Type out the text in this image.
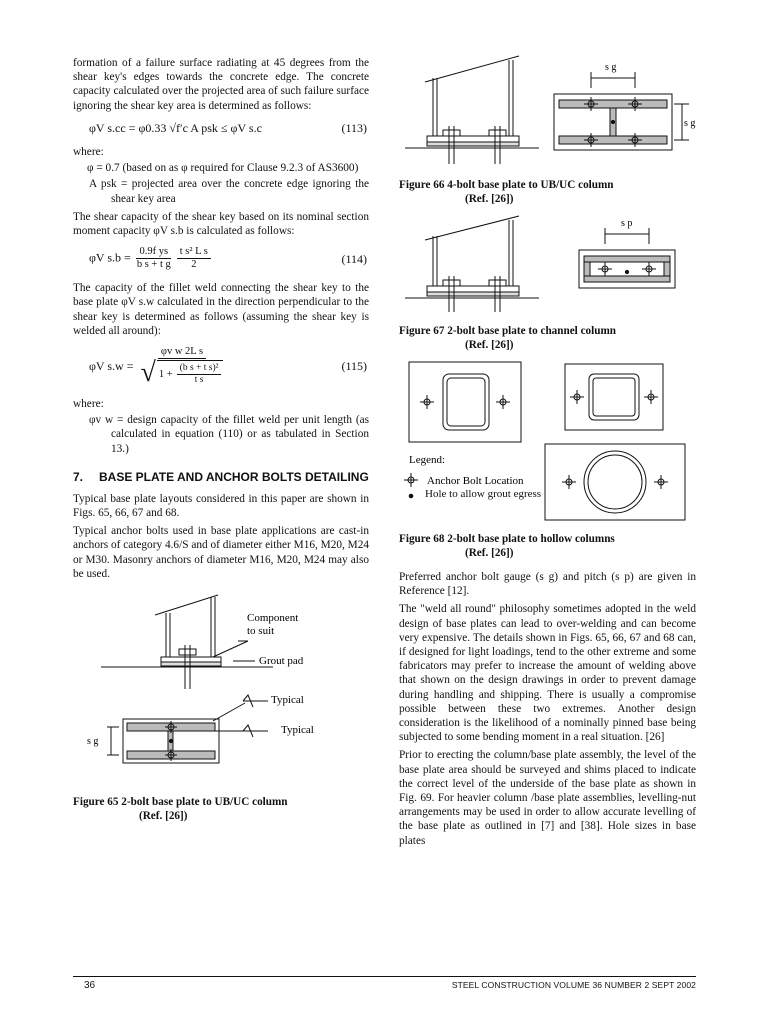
formation of a failure surface radiating at 45 degrees from the shear key's edges towards the concrete edge. The concrete capacity calculated over the projected area of such failure surface ignoring the shear key area is determined as follows:

φV s.cc = φ0.33 √f′c A psk ≤ φV s.c	(113)

where:

φ = 0.7 (based on as φ required for Clause 9.2.3 of AS3600)

A psk = projected area over the concrete edge ignoring the shear key area

The shear capacity of the shear key based on its nominal section moment capacity φV s.b is calculated as follows:

φV $s.b = \frac{\text{0.9f ys}}{\text{b s + t g}}$
$\frac{\text{t s² L s}}{2}$	(114)

The capacity of the fillet weld connecting the shear key to the base plate φV s.w calculated in the direction perpendicular to the shear key is determined as follows (assuming the shear key is welded all around):

φV s.w =
φv w 2L s
√ $1 + \frac{\text{(b s + t s)²}}{\text{t s}}$	(115)

where:

φv w = design capacity of the fillet weld per unit length (as calculated in equation (110) or as tabulated in Section 13.)

7.	BASE PLATE AND ANCHOR BOLTS DETAILING

Typical base plate layouts considered in this paper are shown in Figs. 65, 66, 67 and 68.

Typical anchor bolts used in base plate applications are cast-in anchors of category 4.6/S and of diameter either M16, M20, M24 or M30. Masonry anchors of diameter M16, M20, M24 may also be used.

Component
to suit
Grout pad
Typical
Typical
s g
Figure 65 2-bolt base plate to UB/UC column
(Ref. [26])
s g
s g
Figure 66 4-bolt base plate to UB/UC column
(Ref. [26])
s p
Figure 67 2-bolt base plate to channel column
(Ref. [26])
Legend:
Anchor Bolt Location
Hole to allow grout egress
Figure 68 2-bolt base plate to hollow columns
(Ref. [26])

Preferred anchor bolt gauge (s g) and pitch (s p) are given in Reference [12].

The "weld all round" philosophy sometimes adopted in the weld design of base plates can lead to over-welding and can become very expensive. The details shown in Figs. 65, 66, 67 and 68 can, if designed for light loadings, tend to the other extreme and some fabricators may prefer to increase the amount of welding above that shown on the design drawings in order to prevent damage during handling and shipping. There is usually a compromise possible between these two extremes. Another design consideration is the likelihood of a nominally pinned base being subjected to some bending moment in a real situation. [26]

Prior to erecting the column/base plate assembly, the level of the base plate area should be surveyed and shims placed to indicate the correct level of the underside of the base plate as shown in Fig. 69. For heavier column /base plate assemblies, levelling-nut arrangements may be used in order to allow accurate levelling of the base plate as outlined in [7] and [38]. Hole sizes in base plates

36	STEEL CONSTRUCTION VOLUME 36 NUMBER 2 SEPT 2002
